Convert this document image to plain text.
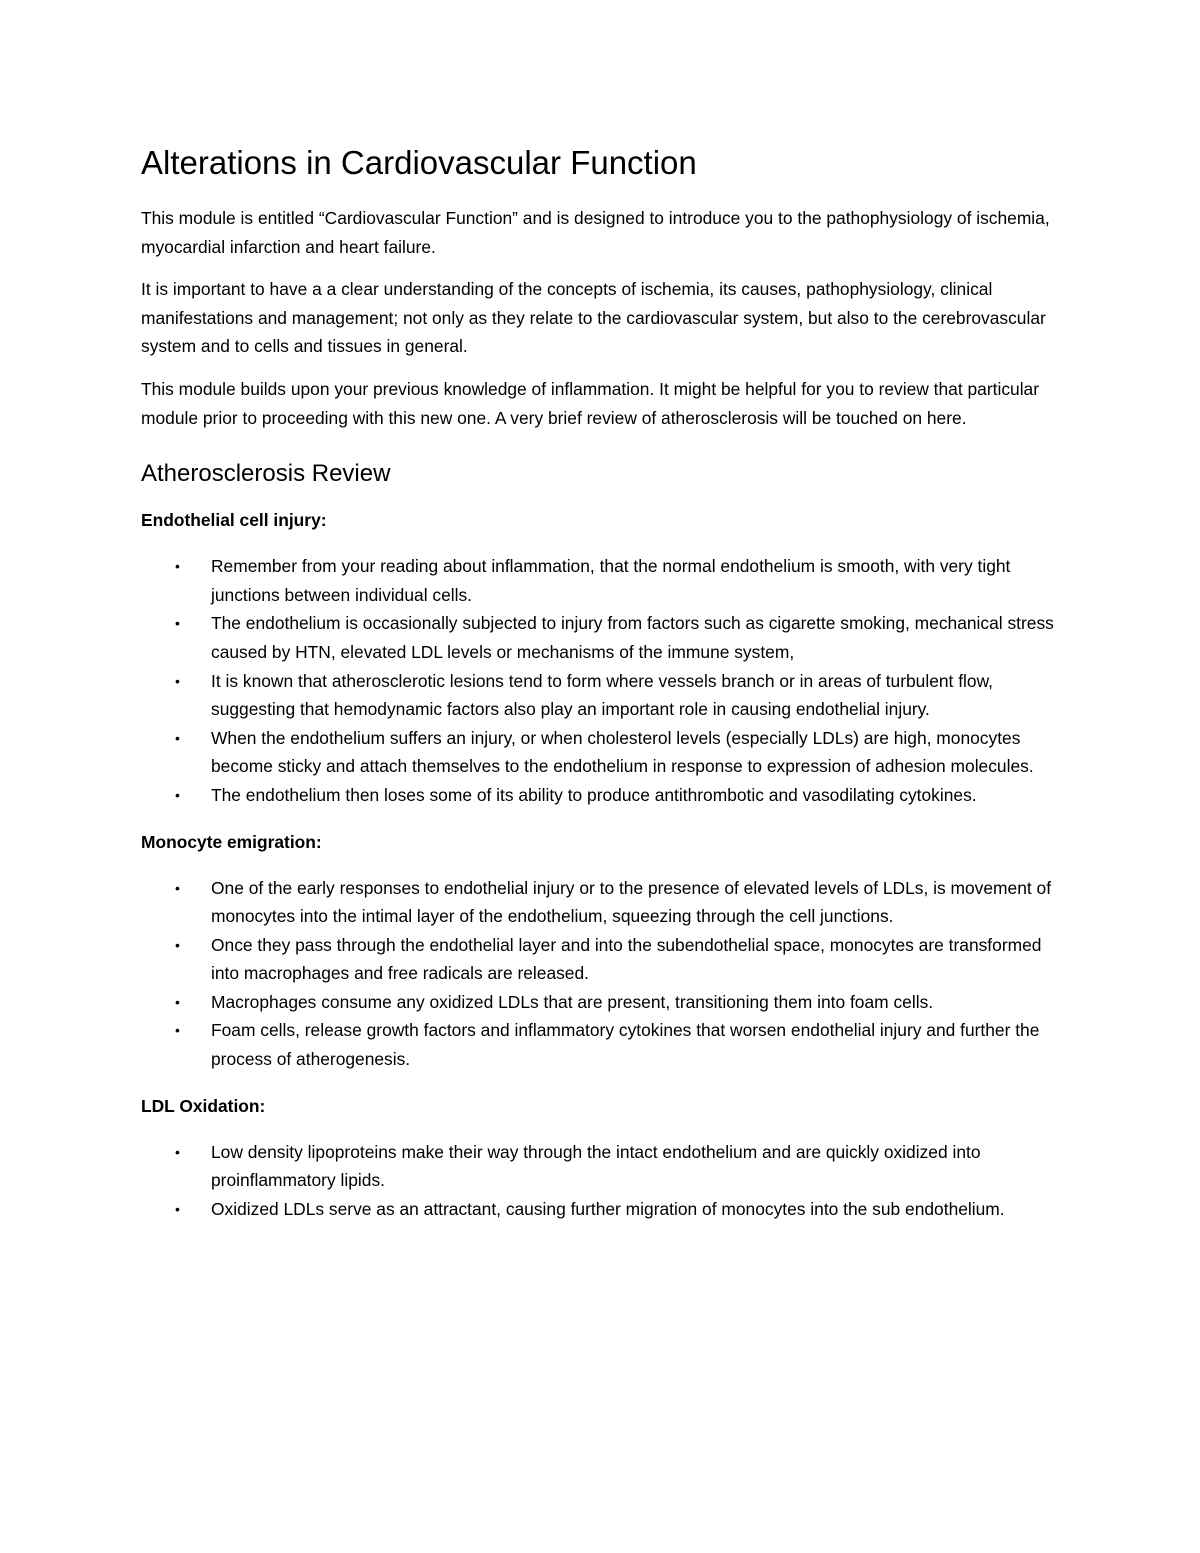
Alterations in Cardiovascular Function

This module is entitled “Cardiovascular Function” and is designed to introduce you to the pathophysiology of ischemia, myocardial infarction and heart failure.

It is important to have a a clear understanding of the concepts of ischemia, its causes, pathophysiology, clinical manifestations and management; not only as they relate to the cardiovascular system, but also to the cerebrovascular system and to cells and tissues in general.

This module builds upon your previous knowledge of inflammation. It might be helpful for you to review that particular module prior to proceeding with this new one. A very brief review of atherosclerosis will be touched on here.

Atherosclerosis Review
Endothelial cell injury:
• Remember from your reading about inflammation, that the normal endothelium is smooth, with very tight junctions between individual cells.
• The endothelium is occasionally subjected to injury from factors such as cigarette smoking, mechanical stress caused by HTN, elevated LDL levels or mechanisms of the immune system,
• It is known that atherosclerotic lesions tend to form where vessels branch or in areas of turbulent flow, suggesting that hemodynamic factors also play an important role in causing endothelial injury.
• When the endothelium suffers an injury, or when cholesterol levels (especially LDLs) are high, monocytes become sticky and attach themselves to the endothelium in response to expression of adhesion molecules.
• The endothelium then loses some of its ability to produce antithrombotic and vasodilating cytokines.
Monocyte emigration:
• One of the early responses to endothelial injury or to the presence of elevated levels of LDLs, is movement of monocytes into the intimal layer of the endothelium, squeezing through the cell junctions.
• Once they pass through the endothelial layer and into the subendothelial space, monocytes are transformed into macrophages and free radicals are released.
• Macrophages consume any oxidized LDLs that are present, transitioning them into foam cells.
• Foam cells, release growth factors and inflammatory cytokines that worsen endothelial injury and further the process of atherogenesis.
LDL Oxidation:
• Low density lipoproteins make their way through the intact endothelium and are quickly oxidized into proinflammatory lipids.
• Oxidized LDLs serve as an attractant, causing further migration of monocytes into the sub endothelium.
